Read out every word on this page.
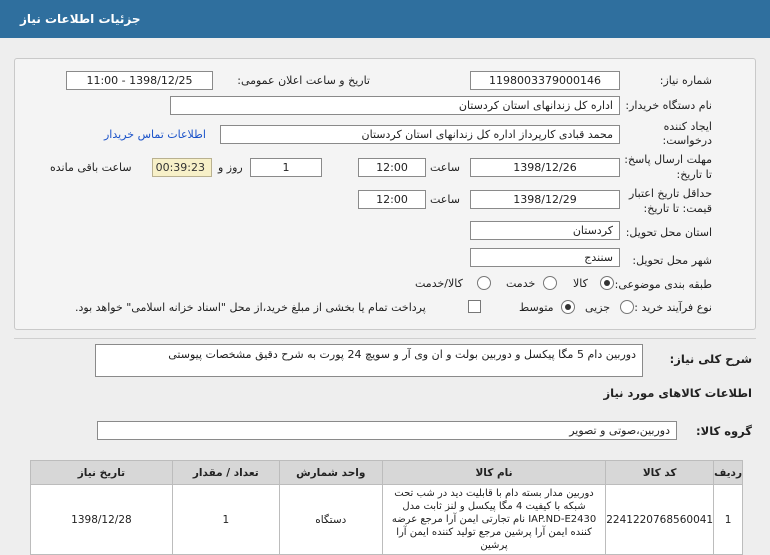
جزئیات اطلاعات نیاز
شماره نیاز:
1198003379000146
تاریخ و ساعت اعلان عمومی:
1398/12/25 - 11:00
نام دستگاه خریدار:
اداره کل زندانهای استان کردستان
ایجاد کننده
درخواست:
محمد قبادی کارپرداز اداره کل زندانهای استان کردستان
اطلاعات تماس خریدار
مهلت ارسال پاسخ:
تا تاریخ:
1398/12/26
ساعت
12:00
1
روز و
00:39:23
ساعت باقی مانده
حداقل تاریخ اعتبار
قیمت: تا تاریخ:
1398/12/29
ساعت
12:00
استان محل تحویل:
کردستان
شهر محل تحویل:
سنندج
طبقه بندی موضوعی:
کالا
خدمت
کالا/خدمت
نوع فرآیند خرید :
جزیی
متوسط
پرداخت تمام یا بخشی از مبلغ خرید،از محل "اسناد خزانه اسلامی" خواهد بود.
شرح کلی نیاز:
دوربین دام 5 مگا پیکسل و دوربین بولت و ان وی آر و سویچ 24 پورت به شرح دقیق مشخصات پیوستی
اطلاعات کالاهای مورد نیاز
گروه کالا:
دوربین،صوتی و تصویر
ردیف	کد کالا	نام کالا	واحد شمارش	تعداد / مقدار	تاریخ نیاز
1	2241220768560041	دوربین مدار بسته دام با قابلیت دید در شب تحت شبکه با کیفیت 4 مگا پیکسل و لنز ثابت مدل IAP.ND-E2430 نام تجارتی ایمن آرا مرجع عرضه کننده ایمن آرا پرشین مرجع تولید کننده ایمن آرا پرشین	دستگاه	1	1398/12/28
